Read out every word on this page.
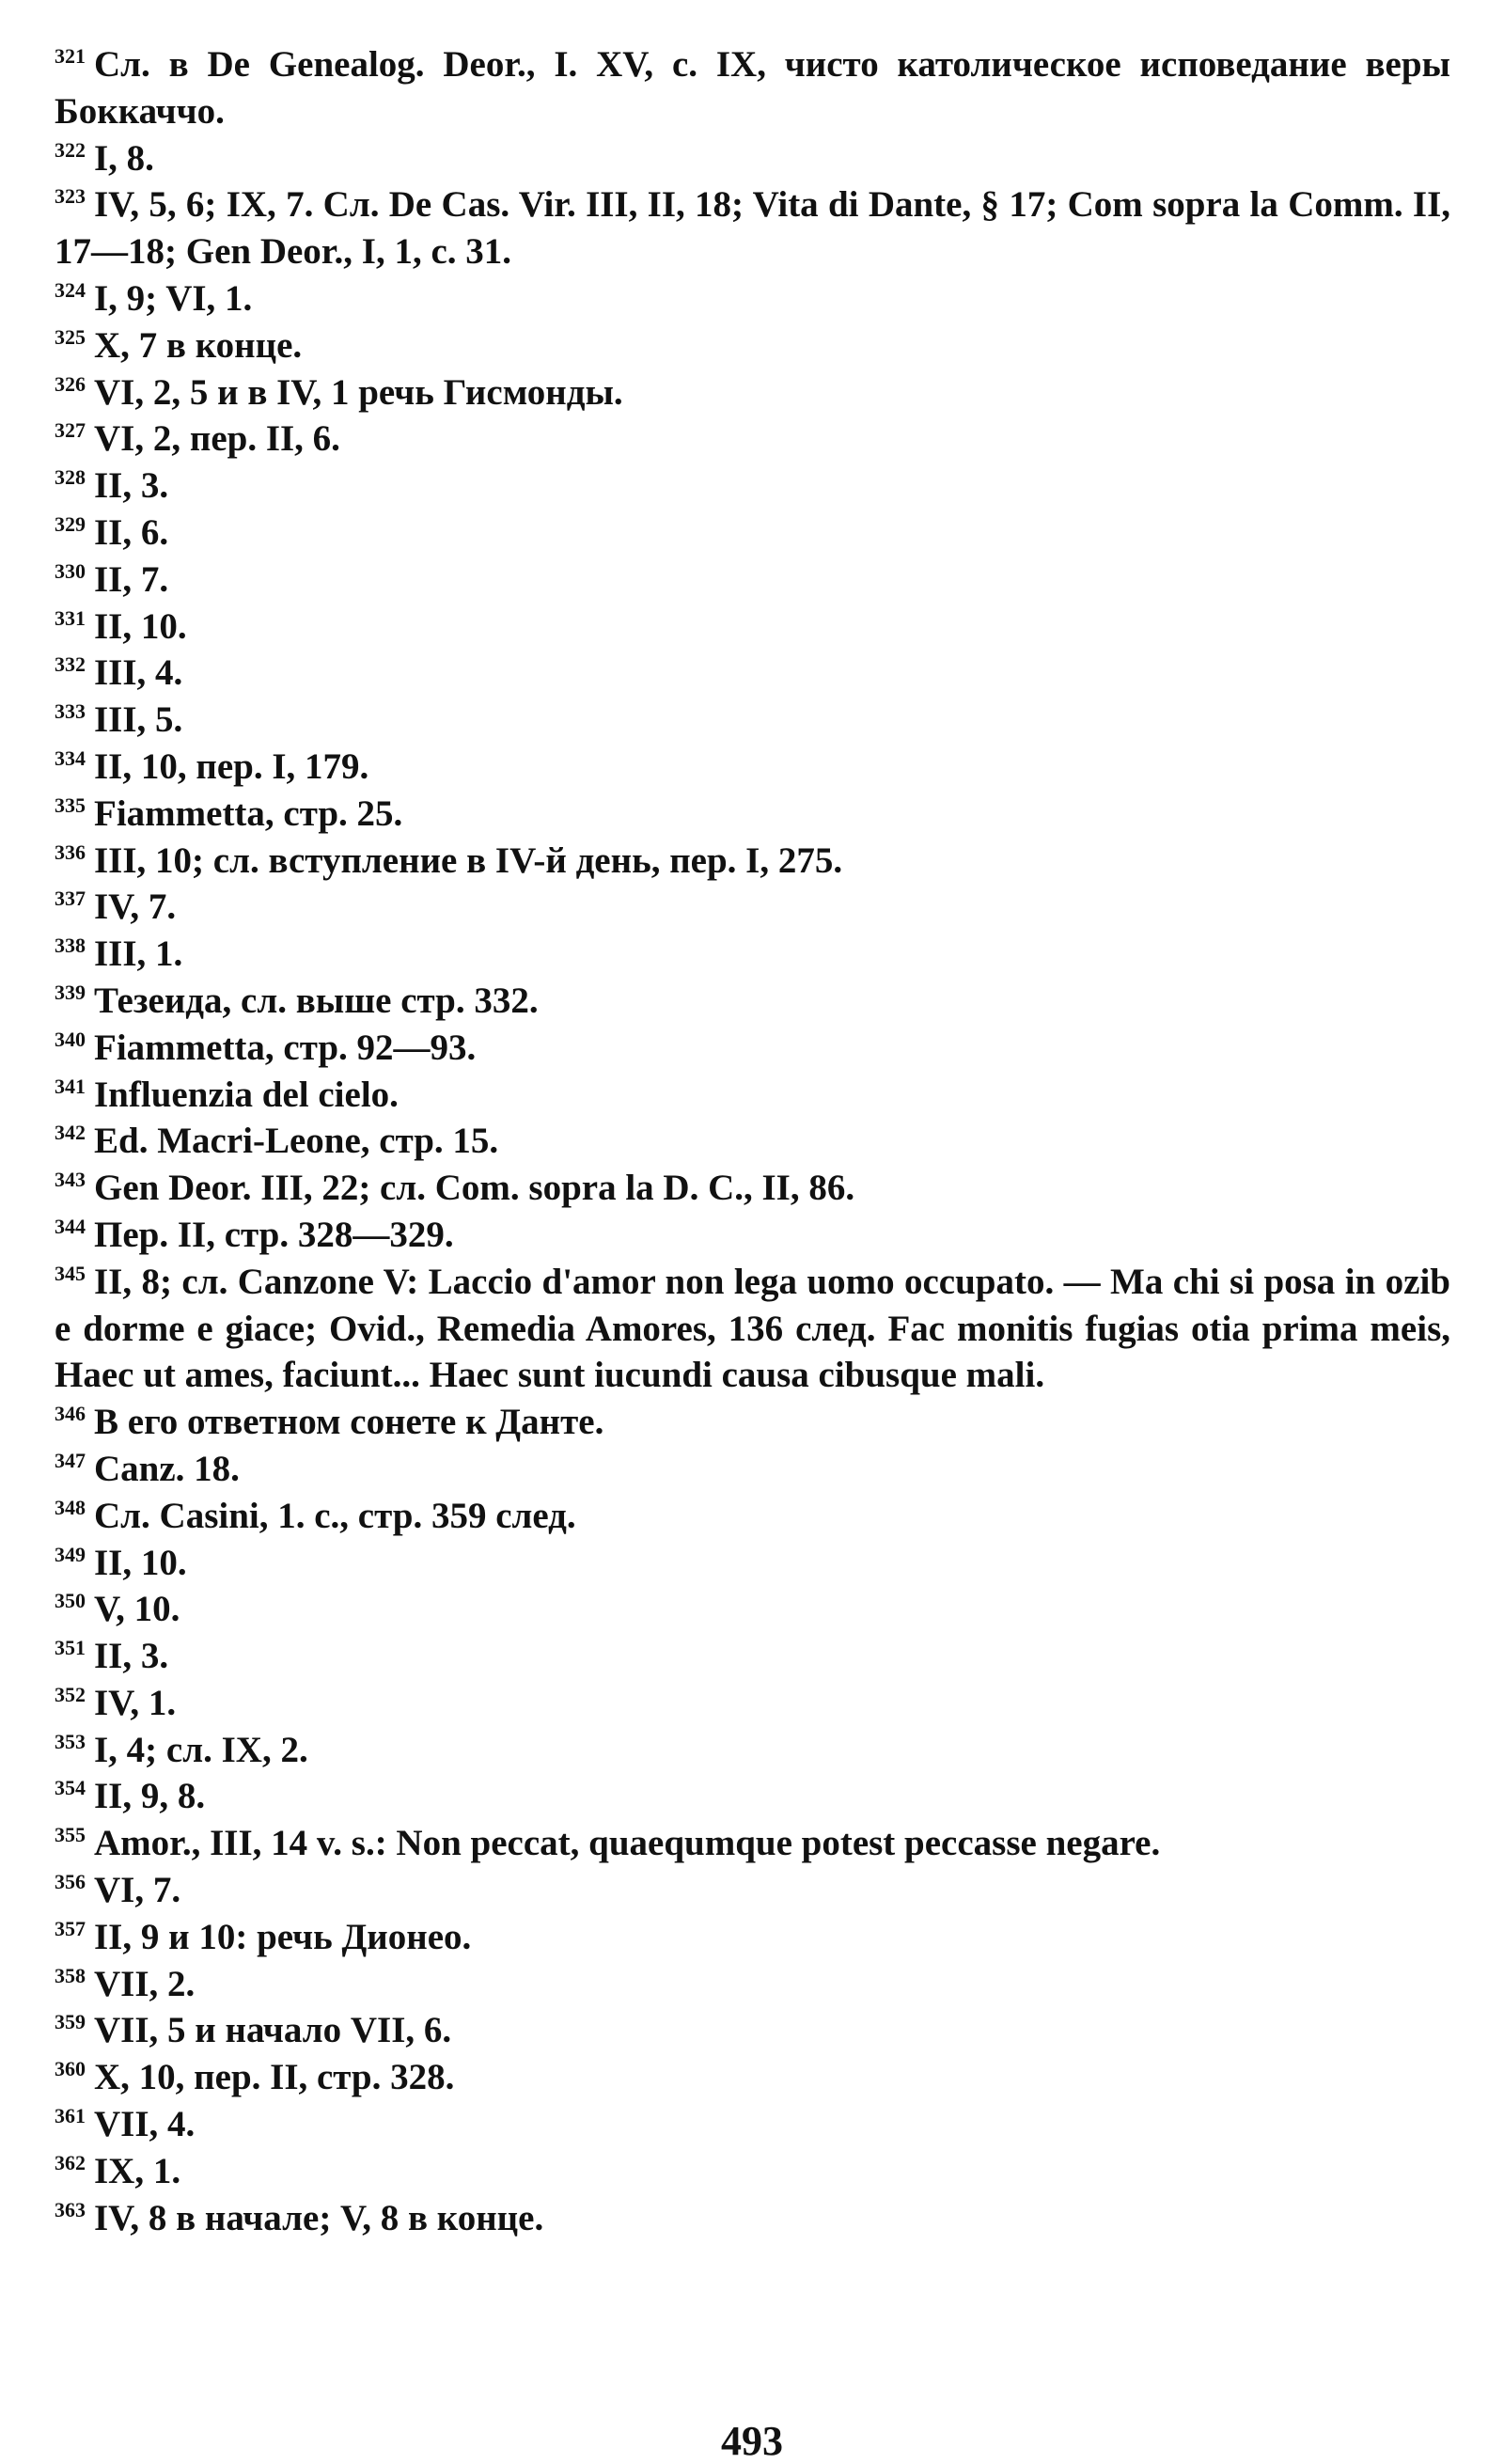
$^{321}$ Сл. в De Genealog. Deor., I. XV, c. IX, чисто католическое исповедание веры Боккаччо.

$^{322}$ I, 8.

$^{323}$ IV, 5, 6; IX, 7. Сл. De Cas. Vir. III, II, 18; Vita di Dante, § 17; Com sopra la Comm. II, 17—18; Gen Deor., I, 1, c. 31.

$^{324}$ I, 9; VI, 1.

$^{325}$ X, 7 в конце.

$^{326}$ VI, 2, 5 и в IV, 1 речь Гисмонды.

$^{327}$ VI, 2, пер. II, 6.

$^{328}$ II, 3.

$^{329}$ II, 6.

$^{330}$ II, 7.

$^{331}$ II, 10.

$^{332}$ III, 4.

$^{333}$ III, 5.

$^{334}$ II, 10, пер. I, 179.

$^{335}$ Fiammetta, стр. 25.

$^{336}$ III, 10; сл. вступление в IV-й день, пер. I, 275.

$^{337}$ IV, 7.

$^{338}$ III, 1.

$^{339}$ Тезеида, сл. выше стр. 332.

$^{340}$ Fiammetta, стр. 92—93.

$^{341}$ Influenzia del cielo.

$^{342}$ Ed. Macri-Leone, стр. 15.

$^{343}$ Gen Deor. III, 22; сл. Com. sopra la D. C., II, 86.

$^{344}$ Пер. II, стр. 328—329.

$^{345}$ II, 8; сл. Canzone V: Laccio d'amor non lega uomo occupato. — Ma chi si posa in ozib e dorme e giace; Ovid., Remedia Amores, 136 след. Fac monitis fugias otia prima meis, Haec ut ames, faciunt... Haec sunt iucundi causa cibusque mali.

$^{346}$ В его ответном сонете к Данте.

$^{347}$ Canz. 18.

$^{348}$ Сл. Casini, 1. c., стр. 359 след.

$^{349}$ II, 10.

$^{350}$ V, 10.

$^{351}$ II, 3.

$^{352}$ IV, 1.

$^{353}$ I, 4; сл. IX, 2.

$^{354}$ II, 9, 8.

$^{355}$ Amor., III, 14 v. s.: Non peccat, quaequmque potest peccasse negare.

$^{356}$ VI, 7.

$^{357}$ II, 9 и 10: речь Дионео.

$^{358}$ VII, 2.

$^{359}$ VII, 5 и начало VII, 6.

$^{360}$ X, 10, пер. II, стр. 328.

$^{361}$ VII, 4.

$^{362}$ IX, 1.

$^{363}$ IV, 8 в начале; V, 8 в конце.

493
